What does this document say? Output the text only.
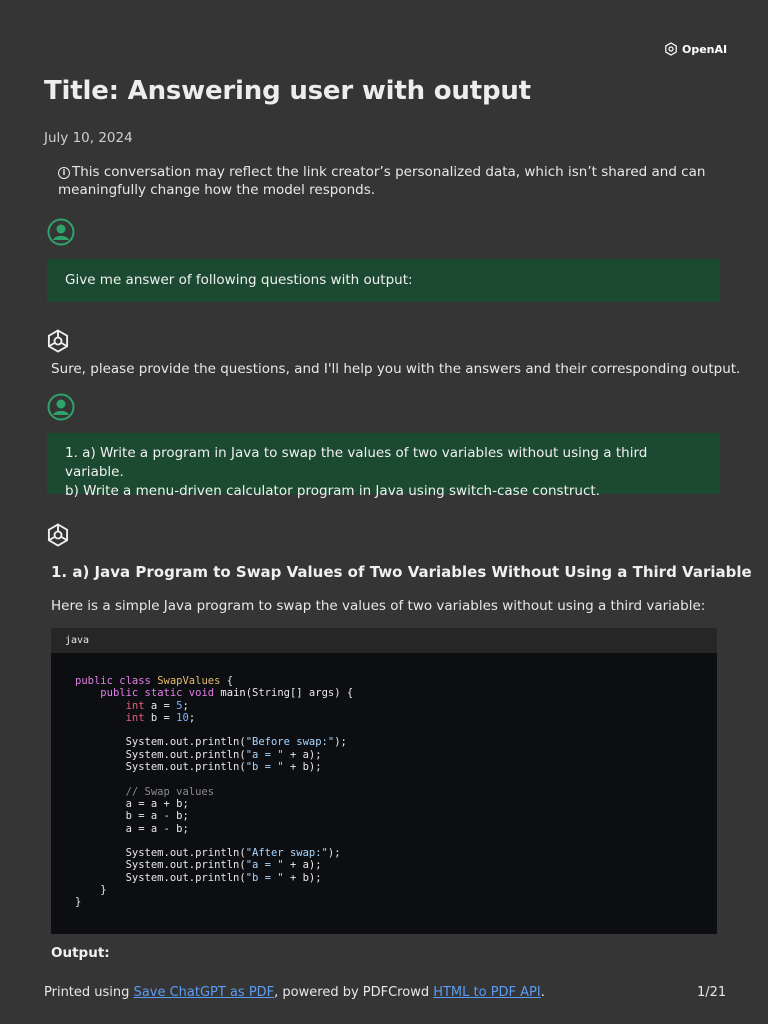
OpenAI
Title: Answering user with output
July 10, 2024
i This conversation may reflect the link creator’s personalized data, which isn’t shared and can meaningfully change how the model responds.
Give me answer of following questions with output:
Sure, please provide the questions, and I'll help you with the answers and their corresponding output.
1. a) Write a program in Java to swap the values of two variables without using a third variable.
b) Write a menu-driven calculator program in Java using switch-case construct.
1. a) Java Program to Swap Values of Two Variables Without Using a Third Variable
Here is a simple Java program to swap the values of two variables without using a third variable:
java
public class SwapValues {
public static void main(String[] args) {
int a = 5;
int b = 10;

System.out.println("Before swap:");
System.out.println("a = " + a);
System.out.println("b = " + b);

// Swap values
a = a + b;
b = a - b;
a = a - b;

System.out.println("After swap:");
System.out.println("a = " + a);
System.out.println("b = " + b);
}
}
Output:
Printed using Save ChatGPT as PDF, powered by PDFCrowd HTML to PDF API.	1/21
